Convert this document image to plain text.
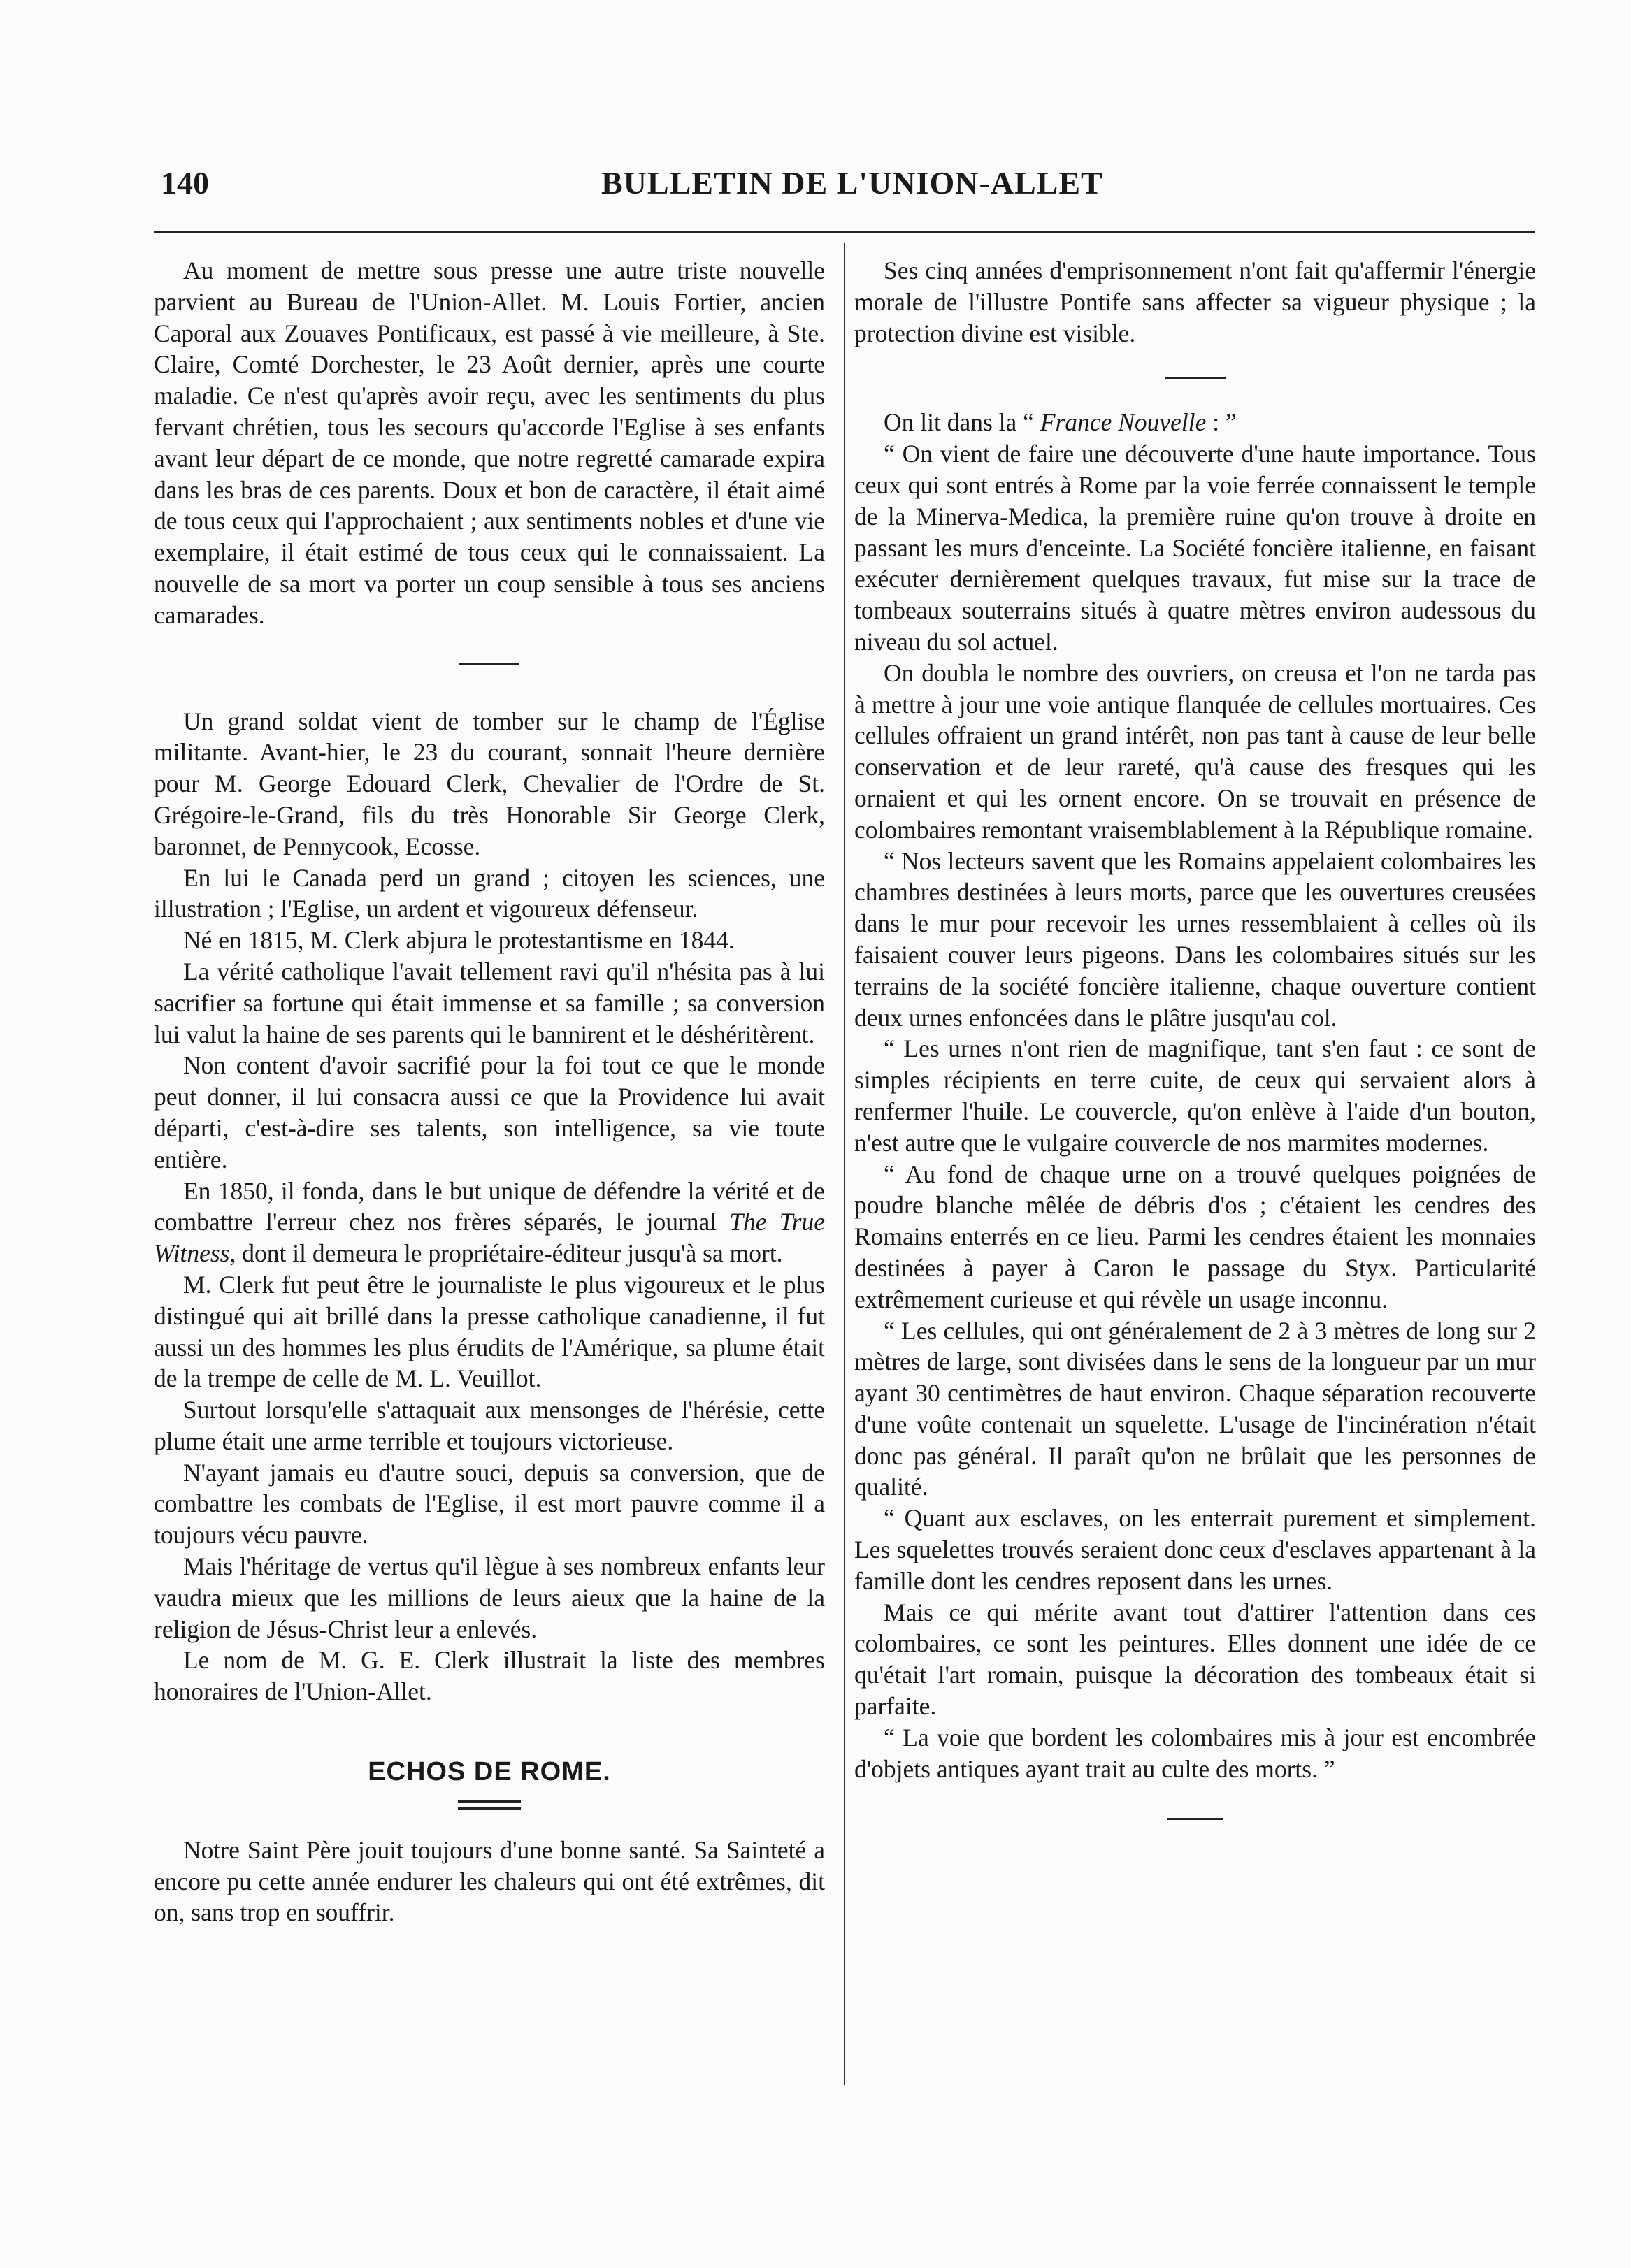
140	BULLETIN DE L'UNION-ALLET

Au moment de mettre sous presse une autre triste nouvelle parvient au Bureau de l'Union-Allet. M. Louis Fortier, ancien Caporal aux Zouaves Pontificaux, est passé à vie meilleure, à Ste. Claire, Comté Dorchester, le 23 Août dernier, après une courte maladie. Ce n'est qu'après avoir reçu, avec les sentiments du plus fervant chrétien, tous les secours qu'accorde l'Eglise à ses enfants avant leur départ de ce monde, que notre regretté camarade expira dans les bras de ces parents. Doux et bon de caractère, il était aimé de tous ceux qui l'approchaient ; aux sentiments nobles et d'une vie exemplaire, il était estimé de tous ceux qui le connaissaient. La nouvelle de sa mort va porter un coup sensible à tous ses anciens camarades.

Un grand soldat vient de tomber sur le champ de l'Église militante. Avant-hier, le 23 du courant, sonnait l'heure dernière pour M. George Edouard Clerk, Chevalier de l'Ordre de St. Grégoire-le-Grand, fils du très Honorable Sir George Clerk, baronnet, de Pennycook, Ecosse.

En lui le Canada perd un grand ; citoyen les sciences, une illustration ; l'Eglise, un ardent et vigoureux défenseur.

Né en 1815, M. Clerk abjura le protestantisme en 1844.

La vérité catholique l'avait tellement ravi qu'il n'hésita pas à lui sacrifier sa fortune qui était immense et sa famille ; sa conversion lui valut la haine de ses parents qui le bannirent et le déshéritèrent.

Non content d'avoir sacrifié pour la foi tout ce que le monde peut donner, il lui consacra aussi ce que la Providence lui avait départi, c'est-à-dire ses talents, son intelligence, sa vie toute entière.

En 1850, il fonda, dans le but unique de défendre la vérité et de combattre l'erreur chez nos frères séparés, le journal The True Witness, dont il demeura le propriétaire-éditeur jusqu'à sa mort.

M. Clerk fut peut être le journaliste le plus vigoureux et le plus distingué qui ait brillé dans la presse catholique canadienne, il fut aussi un des hommes les plus érudits de l'Amérique, sa plume était de la trempe de celle de M. L. Veuillot.

Surtout lorsqu'elle s'attaquait aux mensonges de l'hérésie, cette plume était une arme terrible et toujours victorieuse.

N'ayant jamais eu d'autre souci, depuis sa conversion, que de combattre les combats de l'Eglise, il est mort pauvre comme il a toujours vécu pauvre.

Mais l'héritage de vertus qu'il lègue à ses nombreux enfants leur vaudra mieux que les millions de leurs aieux que la haine de la religion de Jésus-Christ leur a enlevés.

Le nom de M. G. E. Clerk illustrait la liste des membres honoraires de l'Union-Allet.

ECHOS DE ROME.

Notre Saint Père jouit toujours d'une bonne santé. Sa Sainteté a encore pu cette année endurer les chaleurs qui ont été extrêmes, dit on, sans trop en souffrir.

Ses cinq années d'emprisonnement n'ont fait qu'affermir l'énergie morale de l'illustre Pontife sans affecter sa vigueur physique ; la protection divine est visible.

On lit dans la “ France Nouvelle : ”

“ On vient de faire une découverte d'une haute importance. Tous ceux qui sont entrés à Rome par la voie ferrée connaissent le temple de la Minerva-Medica, la première ruine qu'on trouve à droite en passant les murs d'enceinte. La Société foncière italienne, en faisant exécuter dernièrement quelques travaux, fut mise sur la trace de tombeaux souterrains situés à quatre mètres environ audessous du niveau du sol actuel.

On doubla le nombre des ouvriers, on creusa et l'on ne tarda pas à mettre à jour une voie antique flanquée de cellules mortuaires. Ces cellules offraient un grand intérêt, non pas tant à cause de leur belle conservation et de leur rareté, qu'à cause des fresques qui les ornaient et qui les ornent encore. On se trouvait en présence de colombaires remontant vraisemblablement à la République romaine.

“ Nos lecteurs savent que les Romains appelaient colombaires les chambres destinées à leurs morts, parce que les ouvertures creusées dans le mur pour recevoir les urnes ressemblaient à celles où ils faisaient couver leurs pigeons. Dans les colombaires situés sur les terrains de la société foncière italienne, chaque ouverture contient deux urnes enfoncées dans le plâtre jusqu'au col.

“ Les urnes n'ont rien de magnifique, tant s'en faut : ce sont de simples récipients en terre cuite, de ceux qui servaient alors à renfermer l'huile. Le couvercle, qu'on enlève à l'aide d'un bouton, n'est autre que le vulgaire couvercle de nos marmites modernes.

“ Au fond de chaque urne on a trouvé quelques poignées de poudre blanche mêlée de débris d'os ; c'étaient les cendres des Romains enterrés en ce lieu. Parmi les cendres étaient les monnaies destinées à payer à Caron le passage du Styx. Particularité extrêmement curieuse et qui révèle un usage inconnu.

“ Les cellules, qui ont généralement de 2 à 3 mètres de long sur 2 mètres de large, sont divisées dans le sens de la longueur par un mur ayant 30 centimètres de haut environ. Chaque séparation recouverte d'une voûte contenait un squelette. L'usage de l'incinération n'était donc pas général. Il paraît qu'on ne brûlait que les personnes de qualité.

“ Quant aux esclaves, on les enterrait purement et simplement. Les squelettes trouvés seraient donc ceux d'esclaves appartenant à la famille dont les cendres reposent dans les urnes.

Mais ce qui mérite avant tout d'attirer l'attention dans ces colombaires, ce sont les peintures. Elles donnent une idée de ce qu'était l'art romain, puisque la décoration des tombeaux était si parfaite.

“ La voie que bordent les colombaires mis à jour est encombrée d'objets antiques ayant trait au culte des morts. ”
